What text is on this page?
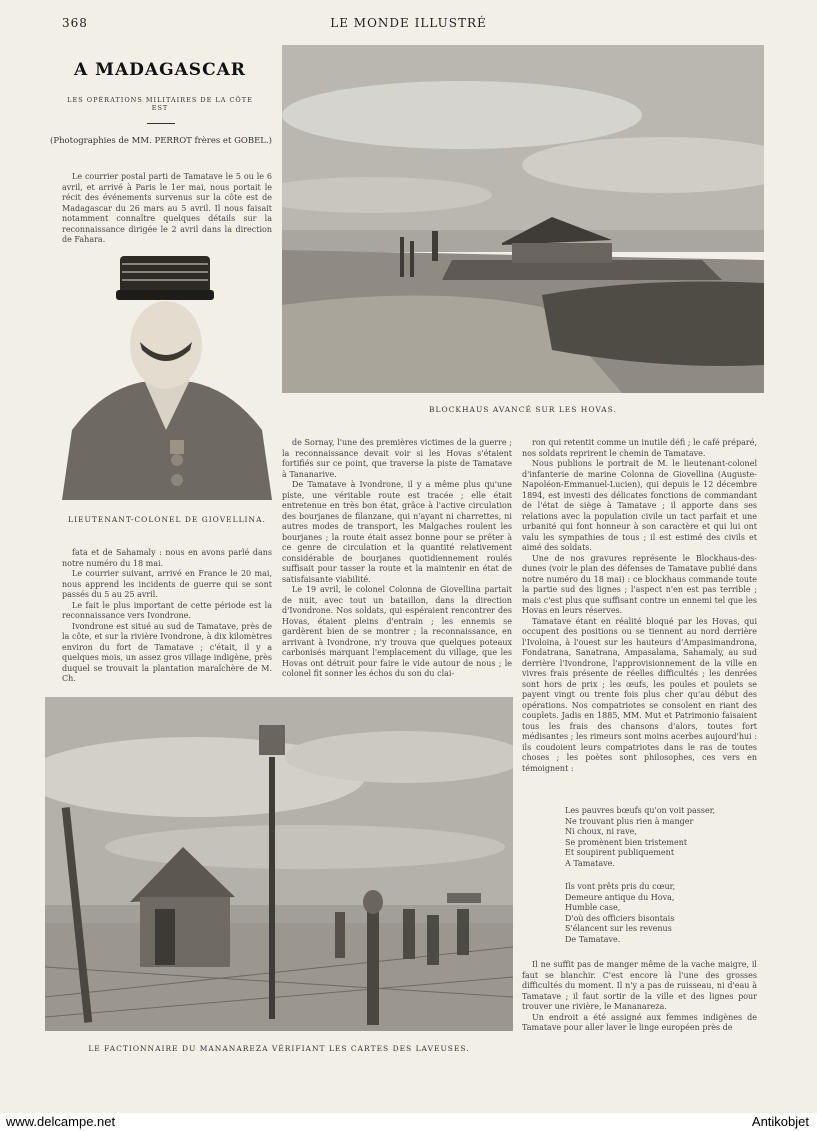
368	LE MONDE ILLUSTRÉ
A MADAGASCAR
LES OPÉRATIONS MILITAIRES DE LA CÔTE EST
(Photographies de MM. PERROT frères et GOBEL.)

Le courrier postal parti de Tamatave le 5 ou le 6 avril, et arrivé à Paris le 1er mai, nous portait le récit des événements survenus sur la côte est de Madagascar du 26 mars au 5 avril. Il nous faisait notamment connaître quelques détails sur la reconnaissance dirigée le 2 avril dans la direction de Fahara.

LIEUTENANT-COLONEL DE GIOVELLINA.

fata et de Sahamaly : nous en avons parlé dans notre numéro du 18 mai.
Le courrier suivant, arrivé en France le 20 mai, nous apprend les incidents de guerre qui se sont passés du 5 au 25 avril.
Le fait le plus important de cette période est la reconnaissance vers Ivondrone.
Ivondrone est situé au sud de Tamatave, près de la côte, et sur la rivière Ivondrone, à dix kilomètres environ du fort de Tamatave ; c'était, il y a quelques mois, un assez gros village indigène, près duquel se trouvait la plantation maraîchère de M. Ch.

BLOCKHAUS AVANCÉ SUR LES HOVAS.

de Sornay, l'une des premières victimes de la guerre ; la reconnaissance devait voir si les Hovas s'étaient fortifiés sur ce point, que traverse la piste de Tamatave à Tananarive.
De Tamatave à Ivondrone, il y a même plus qu'une piste, une véritable route est tracée ; elle était entretenue en très bon état, grâce à l'active circulation des bourjanes de filanzane, qui n'ayant ni charrettes, ni autres modes de transport, les Malgaches roulent les bourjanes ; la route était assez bonne pour se prêter à ce genre de circulation et la quantité relativement considérable de bourjanes quotidiennement roulés suffisait pour tasser la route et la maintenir en état de satisfaisante viabilité.
Le 19 avril, le colonel Colonna de Giovellina partait de nuit, avec tout un bataillon, dans la direction d'Ivondrone. Nos soldats, qui espéraient rencontrer des Hovas, étaient pleins d'entrain ; les ennemis se gardèrent bien de se montrer ; la reconnaissance, en arrivant à Ivondrone, n'y trouva que quelques poteaux carbonisés marquant l'emplacement du village, que les Hovas ont détruit pour faire le vide autour de nous ; le colonel fit sonner les échos du son du clai-

ron qui retentit comme un inutile défi ; le café préparé, nos soldats reprirent le chemin de Tamatave.
Nous publions le portrait de M. le lieutenant-colonel d'infanterie de marine Colonna de Giovellina (Auguste-Napoléon-Emmanuel-Lucien), qui depuis le 12 décembre 1894, est investi des délicates fonctions de commandant de l'état de siège à Tamatave ; il apporte dans ses relations avec la population civile un tact parfait et une urbanité qui font honneur à son caractère et qui lui ont valu les sympathies de tous ; il est estimé des civils et aimé des soldats.
Une de nos gravures représente le Blockhaus-des-dunes (voir le plan des défenses de Tamatave publié dans notre numéro du 18 mai) : ce blockhaus commande toute la partie sud des lignes ; l'aspect n'en est pas terrible ; mais c'est plus que suffisant contre un ennemi tel que les Hovas en leurs réserves.
Tamatave étant en réalité bloqué par les Hovas, qui occupent des positions ou se tiennent au nord derrière l'Ivoloina, à l'ouest sur les hauteurs d'Ampasimandrona, Fondatrana, Sanatrana, Ampasalama, Sahamaly, au sud derrière l'Ivondrone, l'approvisionnement de la ville en vivres frais présente de réelles difficultés ; les denrées sont hors de prix ; les œufs, les poules et poulets se payent vingt ou trente fois plus cher qu'au début des opérations. Nos compatriotes se consolent en riant des couplets. Jadis en 1885, MM. Mut et Patrimonio faisaient tous les frais des chansons d'alors, toutes fort médisantes ; les rimeurs sont moins acerbes aujourd'hui : ils coudoient leurs compatriotes dans le ras de toutes choses ; les poètes sont philosophes, ces vers en témoignent :

Les pauvres bœufs qu'on voit passer,
Ne trouvant plus rien à manger
Ni choux, ni rave,
Se promènent bien tristement
Et soupirent publiquement
A Tamatave.
Ils vont prêts pris du cœur,
Demeure antique du Hova,
Humble case,
D'où des officiers bisontais
S'élancent sur les revenus
De Tamatave.

Il ne suffit pas de manger même de la vache maigre, il faut se blanchir. C'est encore là l'une des grosses difficultés du moment. Il n'y a pas de ruisseau, ni d'eau à Tamatave ; il faut sortir de la ville et des lignes pour trouver une rivière, le Mananareza.
Un endroit a été assigné aux femmes indigènes de Tamatave pour aller laver le linge européen près de

LE FACTIONNAIRE DU MANANAREZA VÉRIFIANT LES CARTES DES LAVEUSES.
www.delcampe.net	Antikobjet
